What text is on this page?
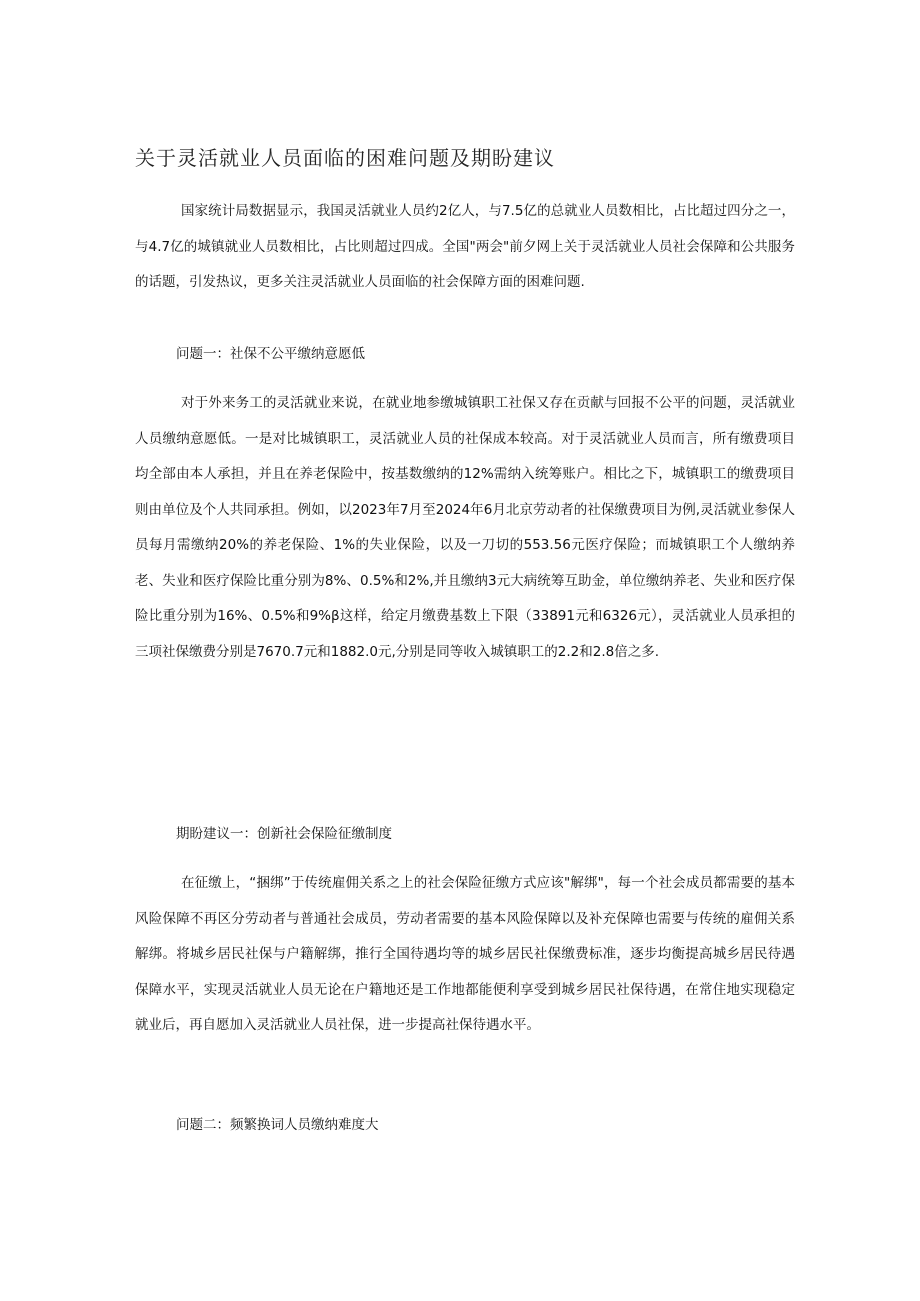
关于灵活就业人员面临的困难问题及期盼建议

国家统计局数据显示，我国灵活就业人员约2亿人，与7.5亿的总就业人员数相比，占比超过四分之一，与4.7亿的城镇就业人员数相比，占比则超过四成。全国"两会"前夕网上关于灵活就业人员社会保障和公共服务的话题，引发热议，更多关注灵活就业人员面临的社会保障方面的困难问题.

问题一：社保不公平缴纳意愿低

对于外来务工的灵活就业来说，在就业地参缴城镇职工社保又存在贡献与回报不公平的问题，灵活就业人员缴纳意愿低。一是对比城镇职工，灵活就业人员的社保成本较高。对于灵活就业人员而言，所有缴费项目均全部由本人承担，并且在养老保险中，按基数缴纳的12%需纳入统筹账户。相比之下，城镇职工的缴费项目则由单位及个人共同承担。例如，以2023年7月至2024年6月北京劳动者的社保缴费项目为例,灵活就业参保人员每月需缴纳20%的养老保险、1%的失业保险，以及一刀切的553.56元医疗保险；而城镇职工个人缴纳养老、失业和医疗保险比重分别为8%、0.5%和2%,并且缴纳3元大病统筹互助金，单位缴纳养老、失业和医疗保险比重分别为16%、0.5%和9%β这样，给定月缴费基数上下限（33891元和6326元），灵活就业人员承担的三项社保缴费分别是7670.7元和1882.0元,分别是同等收入城镇职工的2.2和2.8倍之多.

期盼建议一：创新社会保险征缴制度

在征缴上，“捆绑”于传统雇佣关系之上的社会保险征缴方式应该"解绑"，每一个社会成员都需要的基本风险保障不再区分劳动者与普通社会成员，劳动者需要的基本风险保障以及补充保障也需要与传统的雇佣关系解绑。将城乡居民社保与户籍解绑，推行全国待遇均等的城乡居民社保缴费标准，逐步均衡提高城乡居民待遇保障水平，实现灵活就业人员无论在户籍地还是工作地都能便利享受到城乡居民社保待遇，在常住地实现稳定就业后，再自愿加入灵活就业人员社保，进一步提高社保待遇水平。

问题二：频繁换词人员缴纳难度大
